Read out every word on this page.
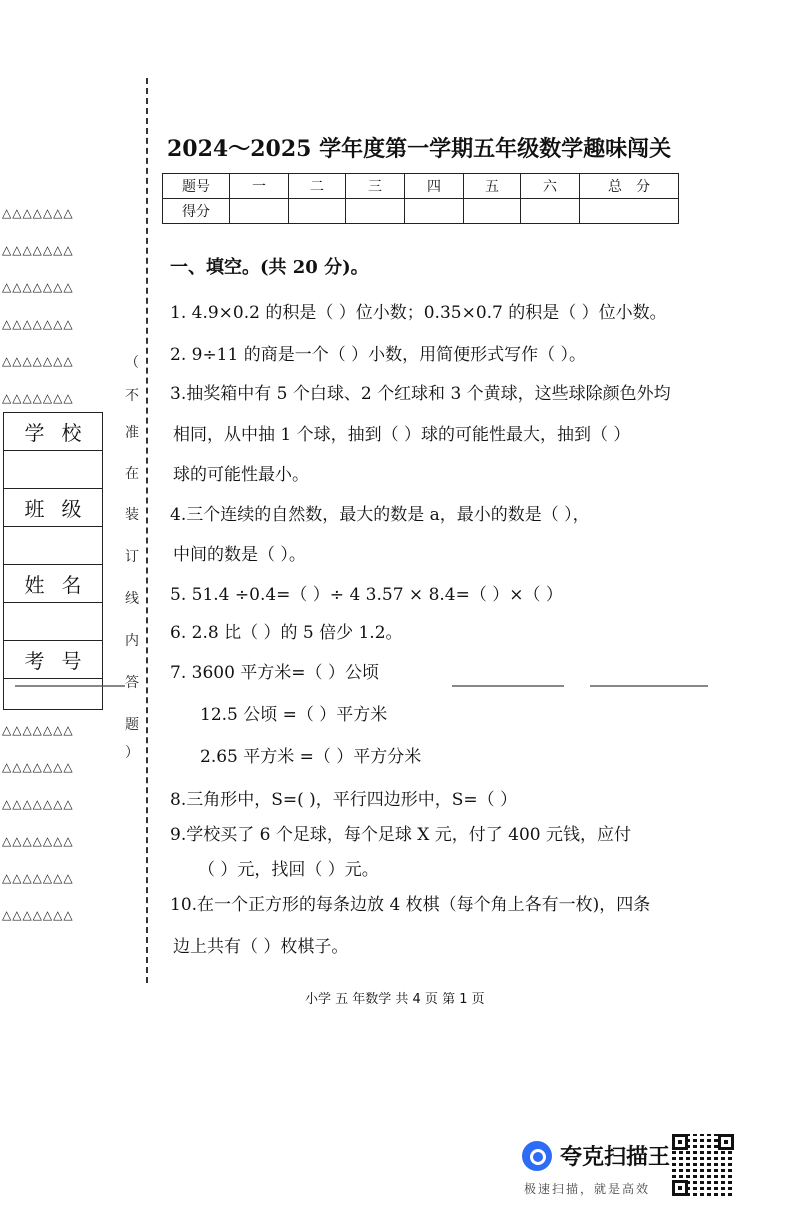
△△△△△△△
△△△△△△△
△△△△△△△
△△△△△△△
△△△△△△△
△△△△△△△
△△△△△△△
△△△△△△△
△△△△△△△
△△△△△△△
△△△△△△△
△△△△△△△
学 校
班 级
姓 名
考 号
（
不
准
在
装
订
线
内
答
题
）
2024～2025 学年度第一学期五年级数学趣味闯关
题号	一	二	三	四	五	六	总　分
得分							
一、填空。(共 20 分)。
1. 4.9×0.2 的积是（ ）位小数；0.35×0.7 的积是（ ）位小数。
2. 9÷11 的商是一个（ ）小数，用简便形式写作（ ）。
3.抽奖箱中有 5 个白球、2 个红球和 3 个黄球，这些球除颜色外均
相同，从中抽 1 个球，抽到（ ）球的可能性最大，抽到（ ）
球的可能性最小。
4.三个连续的自然数，最大的数是 a，最小的数是（ ），
中间的数是（ ）。
5. 51.4 ÷0.4=（ ）÷ 4 3.57 × 8.4=（ ）×（ ）
6. 2.8 比（ ）的 5 倍少 1.2。
7. 3600 平方米=（ ）公顷
12.5 公顷 =（ ）平方米
2.65 平方米 =（ ）平方分米
8.三角形中，S=( )，平行四边形中，S=（ ）
9.学校买了 6 个足球，每个足球 X 元，付了 400 元钱，应付
（ ）元，找回（ ）元。
10.在一个正方形的每条边放 4 枚棋（每个角上各有一枚)，四条
边上共有（ ）枚棋子。
小学 五 年数学 共 4 页 第 1 页
夸克扫描王
极速扫描，就是高效
